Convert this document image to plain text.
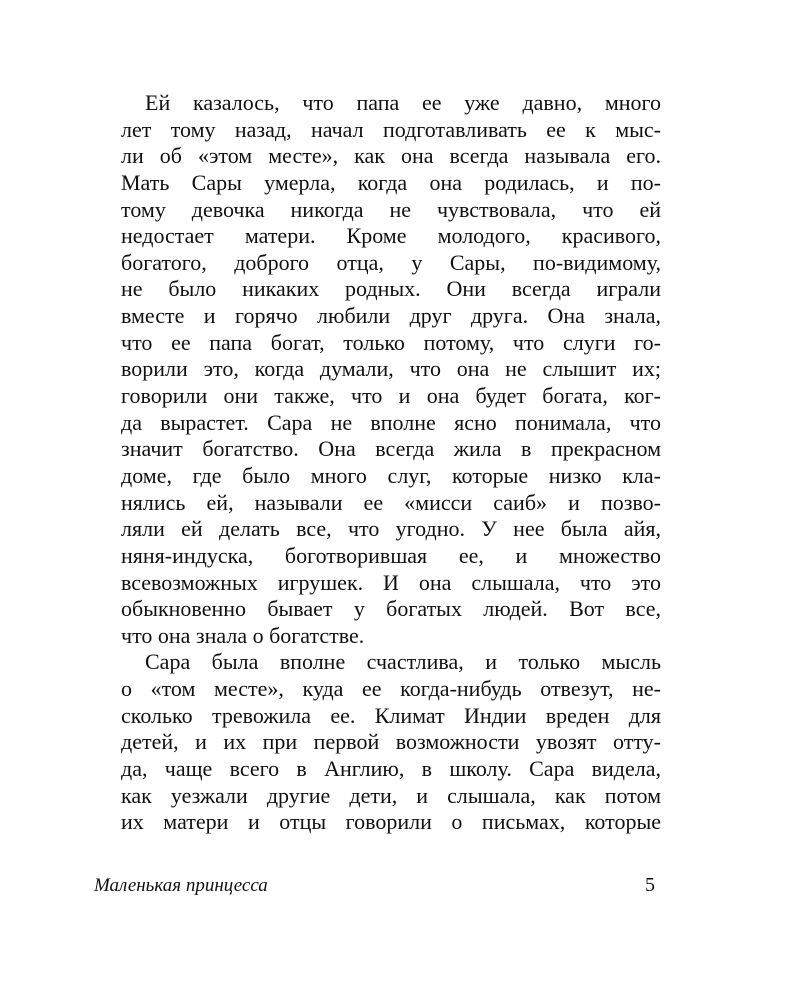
Ей казалось, что папа ее уже давно, много
лет тому назад, начал подготавливать ее к мыс-
ли об «этом месте», как она всегда называла его.
Мать Сары умерла, когда она родилась, и по-
тому девочка никогда не чувствовала, что ей
недостает матери. Кроме молодого, красивого,
богатого, доброго отца, у Сары, по-видимому,
не было никаких родных. Они всегда играли
вместе и горячо любили друг друга. Она знала,
что ее папа богат, только потому, что слуги го-
ворили это, когда думали, что она не слышит их;
говорили они также, что и она будет богата, ког-
да вырастет. Сара не вполне ясно понимала, что
значит богатство. Она всегда жила в прекрасном
доме, где было много слуг, которые низко кла-
нялись ей, называли ее «мисси саиб» и позво-
ляли ей делать все, что угодно. У нее была айя,
няня-индуска, боготворившая ее, и множество
всевозможных игрушек. И она слышала, что это
обыкновенно бывает у богатых людей. Вот все,
что она знала о богатстве.
Сара была вполне счастлива, и только мысль
о «том месте», куда ее когда-нибудь отвезут, не-
сколько тревожила ее. Климат Индии вреден для
детей, и их при первой возможности увозят отту-
да, чаще всего в Англию, в школу. Сара видела,
как уезжали другие дети, и слышала, как потом
их матери и отцы говорили о письмах, которые

Маленькая принцесса	5
